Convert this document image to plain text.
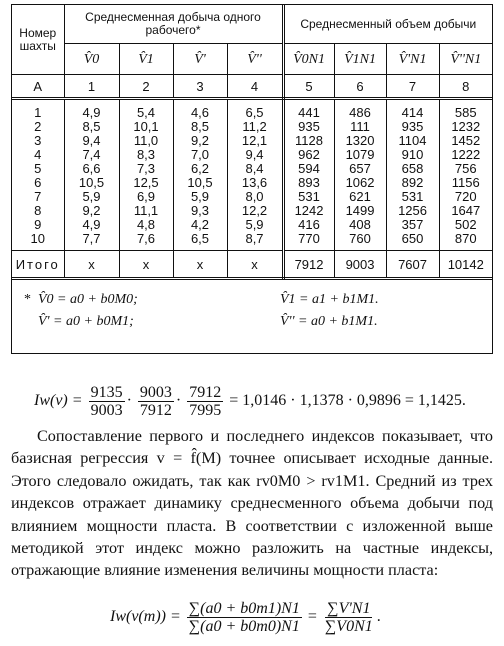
Номер шахты	Среднесменная добыча одного рабочего*				Среднесменный объем добычи			
	V̂0	V̂1	V̂'	V̂''	V̂0N1	V̂1N1	V̂'N1	V̂''N1
A	1	2	3	4	5	6	7	8
1	4,9	5,4	4,6	6,5	441	486	414	585
2	8,5	10,1	8,5	11,2	935	111	935	1232
3	9,4	11,0	9,2	12,1	1128	1320	1104	1452
4	7,4	8,3	7,0	9,4	962	1079	910	1222
5	6,6	7,3	6,2	8,4	594	657	658	756
6	10,5	12,5	10,5	13,6	893	1062	892	1156
7	5,9	6,9	5,9	8,0	531	621	531	720
8	9,2	11,1	9,3	12,2	1242	1499	1256	1647
9	4,9	4,8	4,2	5,9	416	408	357	502
10	7,7	7,6	6,5	8,7	770	760	650	870
Итого	x	x	x	x	7912	9003	7607	10142
* V̂0 = a0 + b0M0;	V̂1 = a1 + b1M1.
V̂' = a0 + b0M1;	V̂'' = a0 + b1M1.
$Iw(v) = \frac{9135}{9003} \cdot \frac{9003}{7912} \cdot \frac{7912}{7995} = 1,0146 \cdot 1,1378 \cdot 0,9896 = 1,1425$.
Сопоставление первого и последнего индексов показывает, что базисная регрессия v = f̂(M) точнее описывает исходные данные. Этого следовало ожидать, так как rv0M0 > rv1M1. Средний из трех индексов отражает динамику среднесменного объема добычи под влиянием мощности пласта. В соответствии с изложенной выше методикой этот индекс можно разложить на частные индексы, отражающие влияние изменения величины мощности пласта:
$Iw(v(m)) = \frac{\sum(a0 + b0m1)N1}{\sum(a0 + b0m0)N1} = \frac{\sum V'N1}{\sum V0N1}$ .
